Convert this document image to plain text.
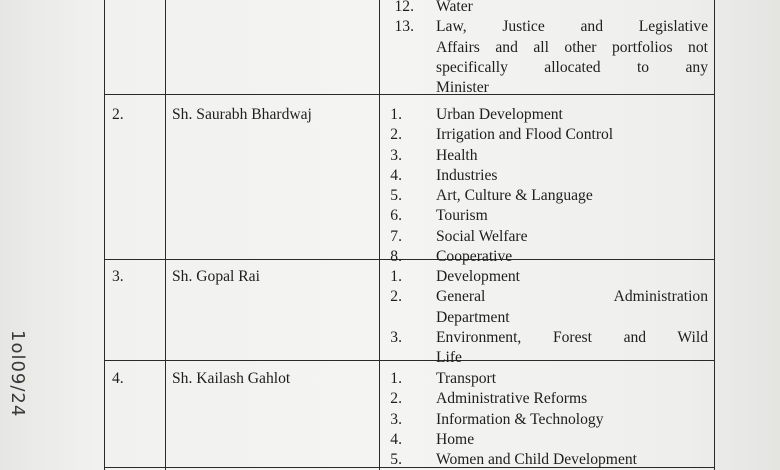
1ol09/24
12. Water
13. Law, Justice and Legislative
Affairs and all other portfolios not
specifically allocated to any
Minister
2.	Sh. Saurabh Bhardwaj	1. Urban Development
2. Irrigation and Flood Control
3. Health
4. Industries
5. Art, Culture & Language
6. Tourism
7. Social Welfare
8. Cooperative
3.	Sh. Gopal Rai	1. Development
2. General Administration
Department
3. Environment, Forest and Wild
Life
4.	Sh. Kailash Gahlot	1. Transport
2. Administrative Reforms
3. Information & Technology
4. Home
5. Women and Child Development
